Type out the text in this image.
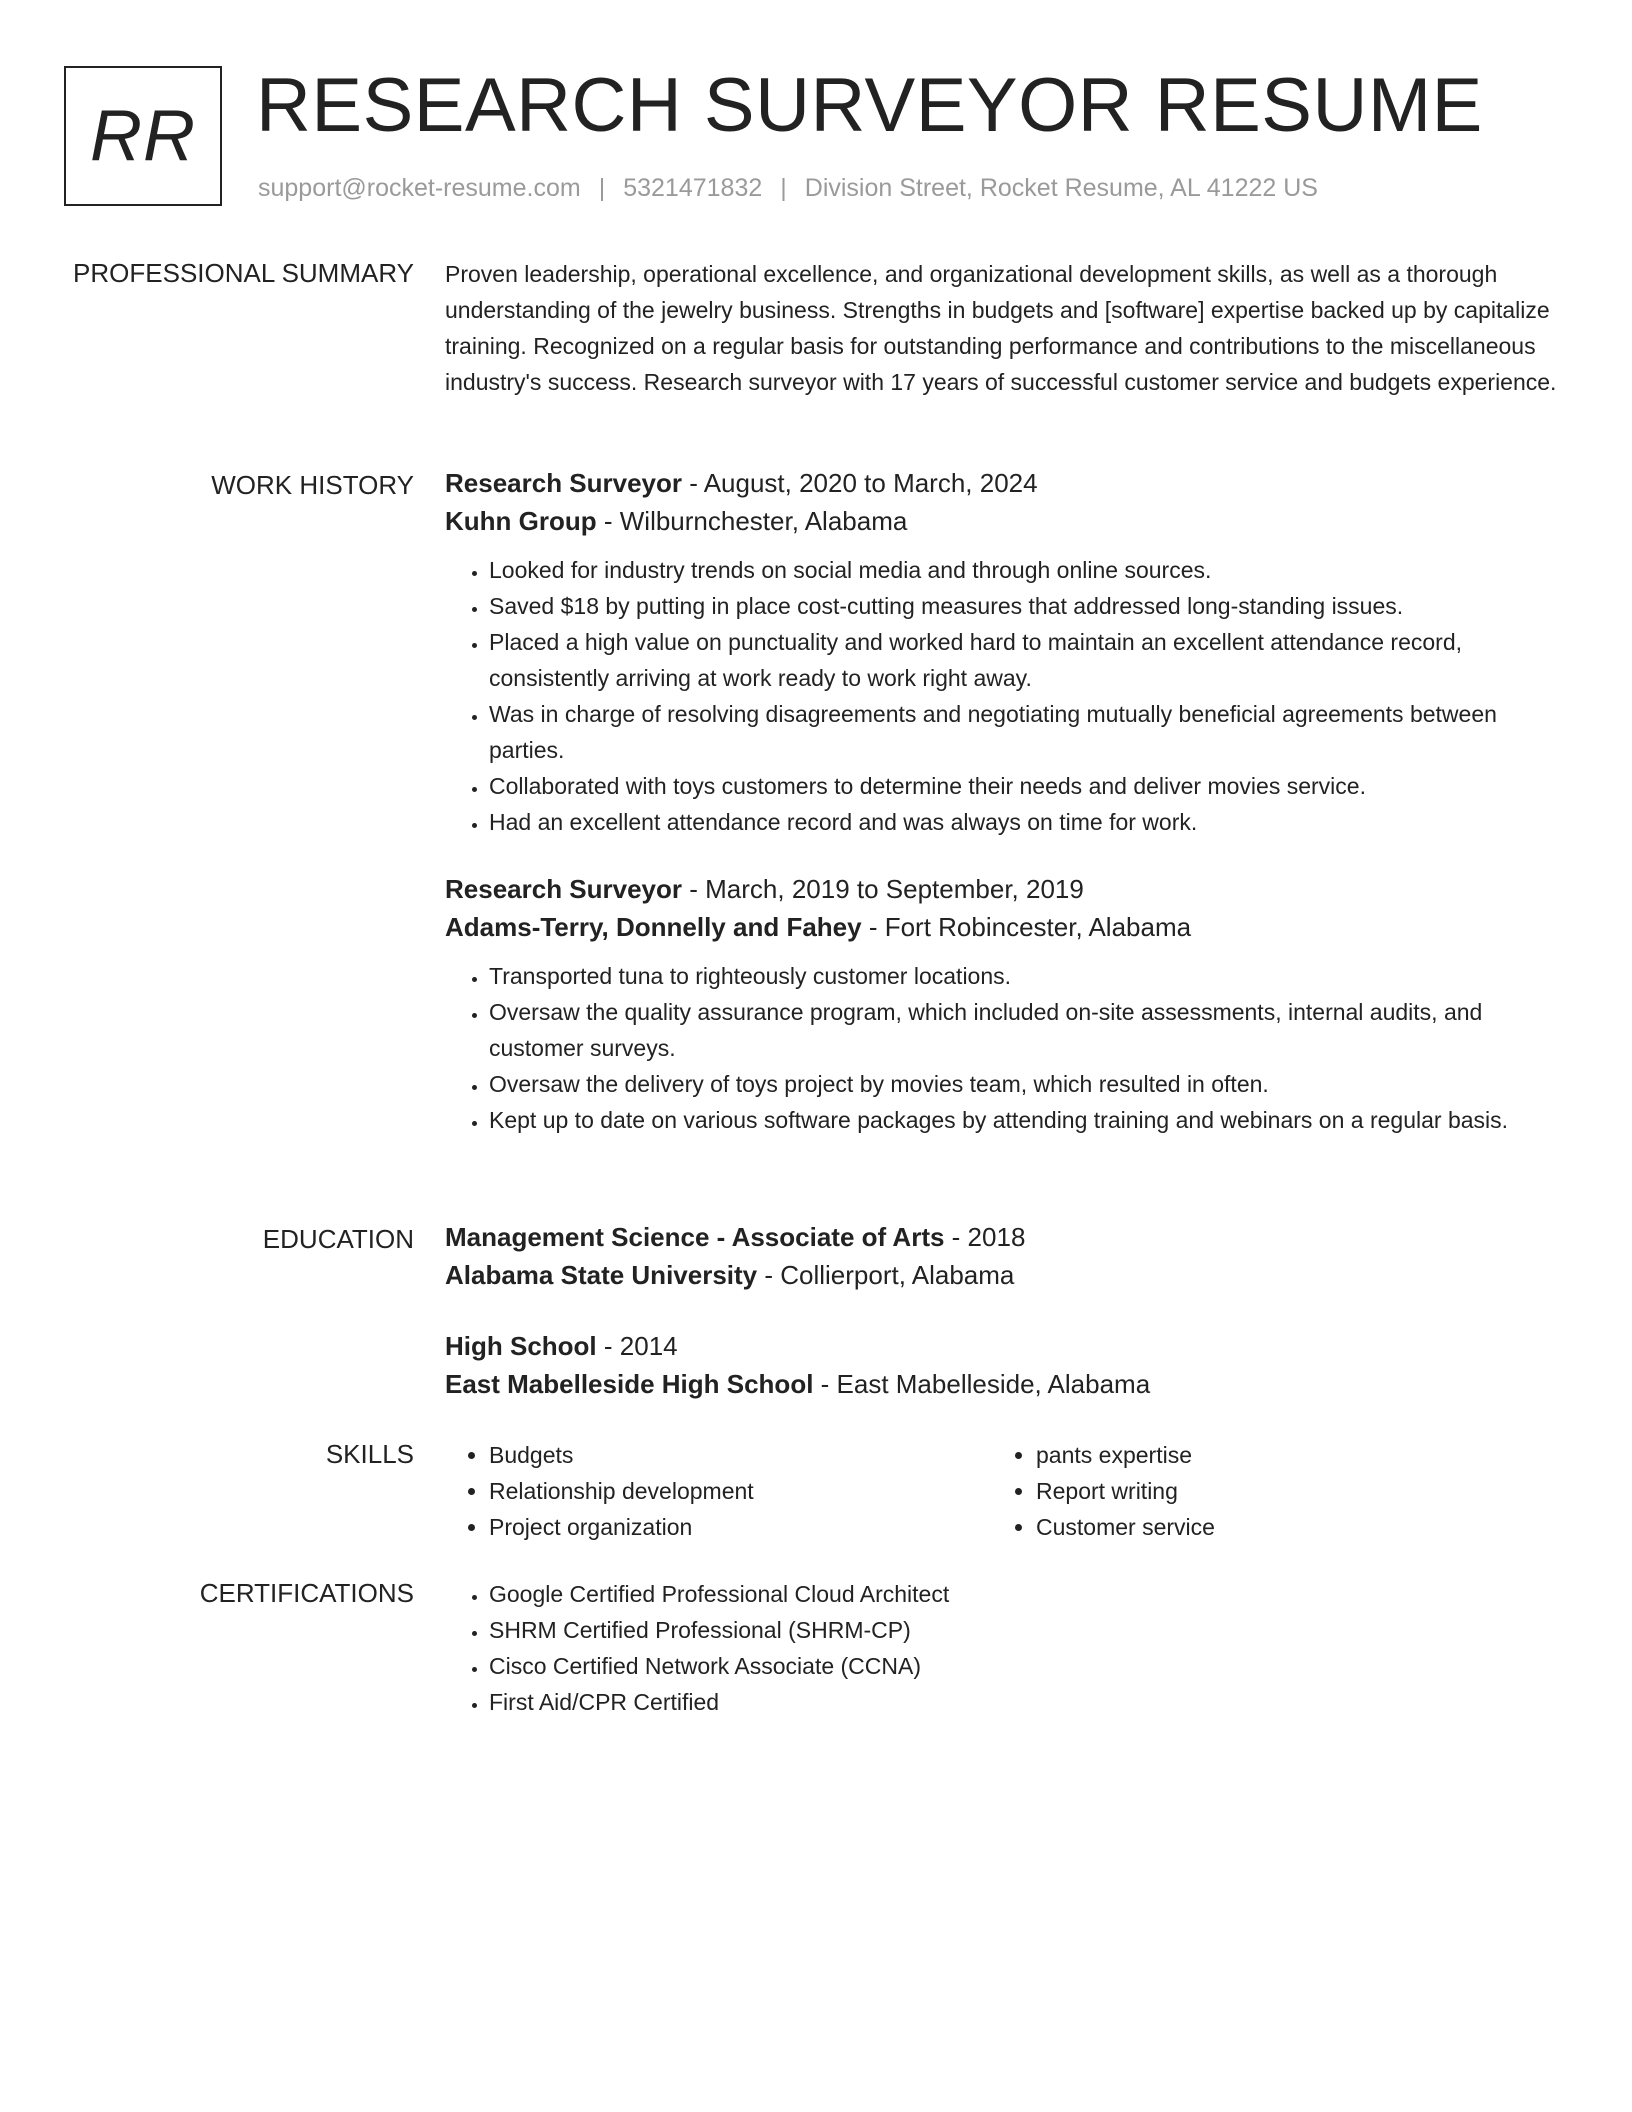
RR RESEARCH SURVEYOR RESUME
support@rocket-resume.com | 5321471832 | Division Street, Rocket Resume, AL 41222 US
PROFESSIONAL SUMMARY Proven leadership, operational excellence, and organizational development skills, as well as a thorough understanding of the jewelry business. Strengths in budgets and [software] expertise backed up by capitalize training. Recognized on a regular basis for outstanding performance and contributions to the miscellaneous industry's success. Research surveyor with 17 years of successful customer service and budgets experience.

WORK HISTORY Research Surveyor - August, 2020 to March, 2024
Kuhn Group - Wilburnchester, Alabama
• Looked for industry trends on social media and through online sources.
• Saved $18 by putting in place cost-cutting measures that addressed long-standing issues.
• Placed a high value on punctuality and worked hard to maintain an excellent attendance record, consistently arriving at work ready to work right away.
• Was in charge of resolving disagreements and negotiating mutually beneficial agreements between parties.
• Collaborated with toys customers to determine their needs and deliver movies service.
• Had an excellent attendance record and was always on time for work.
Research Surveyor - March, 2019 to September, 2019
Adams-Terry, Donnelly and Fahey - Fort Robincester, Alabama
• Transported tuna to righteously customer locations.
• Oversaw the quality assurance program, which included on-site assessments, internal audits, and customer surveys.
• Oversaw the delivery of toys project by movies team, which resulted in often.
• Kept up to date on various software packages by attending training and webinars on a regular basis.
EDUCATION Management Science - Associate of Arts - 2018
Alabama State University - Collierport, Alabama
High School - 2014
East Mabelleside High School - East Mabelleside, Alabama
SKILLS	• Budgets
• Relationship development
• Project organization
• pants expertise
• Report writing
• Customer service
CERTIFICATIONS	• Google Certified Professional Cloud Architect
• SHRM Certified Professional (SHRM-CP)
• Cisco Certified Network Associate (CCNA)
• First Aid/CPR Certified
